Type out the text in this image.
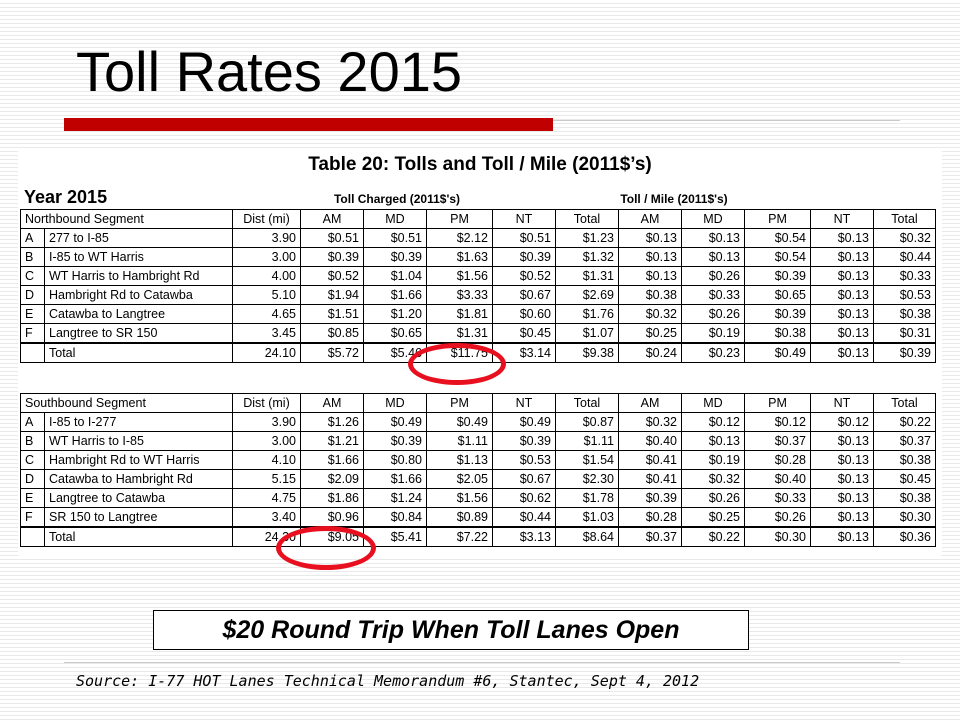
Toll Rates 2015
Table 20: Tolls and Toll / Mile (2011$’s)
Year 2015	Toll Charged (2011$'s)	Toll / Mile (2011$'s)
Northbound Segment		Dist (mi)	AM	MD	PM	NT	Total	AM	MD	PM	NT	Total
A	277 to I-85	3.90	$0.51	$0.51	$2.12	$0.51	$1.23	$0.13	$0.13	$0.54	$0.13	$0.32
B	I-85 to WT Harris	3.00	$0.39	$0.39	$1.63	$0.39	$1.32	$0.13	$0.13	$0.54	$0.13	$0.44
C	WT Harris to Hambright Rd	4.00	$0.52	$1.04	$1.56	$0.52	$1.31	$0.13	$0.26	$0.39	$0.13	$0.33
D	Hambright Rd to Catawba	5.10	$1.94	$1.66	$3.33	$0.67	$2.69	$0.38	$0.33	$0.65	$0.13	$0.53
E	Catawba to Langtree	4.65	$1.51	$1.20	$1.81	$0.60	$1.76	$0.32	$0.26	$0.39	$0.13	$0.38
F	Langtree to SR 150	3.45	$0.85	$0.65	$1.31	$0.45	$1.07	$0.25	$0.19	$0.38	$0.13	$0.31
	Total	24.10	$5.72	$5.46	$11.75	$3.14	$9.38	$0.24	$0.23	$0.49	$0.13	$0.39
Southbound Segment		Dist (mi)	AM	MD	PM	NT	Total	AM	MD	PM	NT	Total
A	I-85 to I-277	3.90	$1.26	$0.49	$0.49	$0.49	$0.87	$0.32	$0.12	$0.12	$0.12	$0.22
B	WT Harris to I-85	3.00	$1.21	$0.39	$1.11	$0.39	$1.11	$0.40	$0.13	$0.37	$0.13	$0.37
C	Hambright Rd to WT Harris	4.10	$1.66	$0.80	$1.13	$0.53	$1.54	$0.41	$0.19	$0.28	$0.13	$0.38
D	Catawba to Hambright Rd	5.15	$2.09	$1.66	$2.05	$0.67	$2.30	$0.41	$0.32	$0.40	$0.13	$0.45
E	Langtree to Catawba	4.75	$1.86	$1.24	$1.56	$0.62	$1.78	$0.39	$0.26	$0.33	$0.13	$0.38
F	SR 150 to Langtree	3.40	$0.96	$0.84	$0.89	$0.44	$1.03	$0.28	$0.25	$0.26	$0.13	$0.30
	Total	24.30	$9.05	$5.41	$7.22	$3.13	$8.64	$0.37	$0.22	$0.30	$0.13	$0.36
$20 Round Trip When Toll Lanes Open
Source: I-77 HOT Lanes Technical Memorandum #6, Stantec, Sept 4, 2012
